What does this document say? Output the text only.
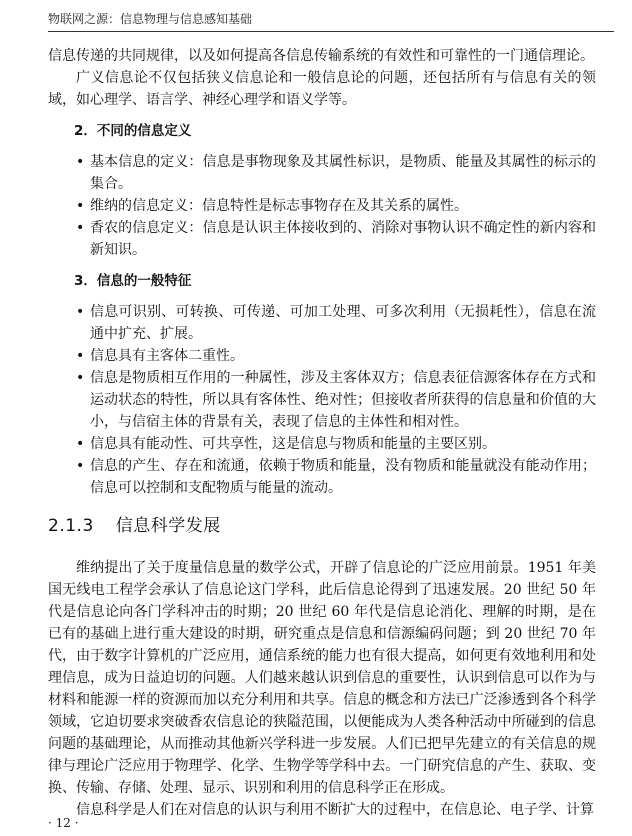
物联网之源：信息物理与信息感知基础

信息传递的共同规律，以及如何提高各信息传输系统的有效性和可靠性的一门通信理论。

广义信息论不仅包括狭义信息论和一般信息论的问题，还包括所有与信息有关的领域，如心理学、语言学、神经心理学和语义学等。

2．不同的信息定义

• 基本信息的定义：信息是事物现象及其属性标识，是物质、能量及其属性的标示的集合。
• 维纳的信息定义：信息特性是标志事物存在及其关系的属性。
• 香农的信息定义：信息是认识主体接收到的、消除对事物认识不确定性的新内容和新知识。

3．信息的一般特征

• 信息可识别、可转换、可传递、可加工处理、可多次利用（无损耗性），信息在流通中扩充、扩展。
• 信息具有主客体二重性。
• 信息是物质相互作用的一种属性，涉及主客体双方；信息表征信源客体存在方式和运动状态的特性，所以具有客体性、绝对性；但接收者所获得的信息量和价值的大小，与信宿主体的背景有关，表现了信息的主体性和相对性。
• 信息具有能动性、可共享性，这是信息与物质和能量的主要区别。
• 信息的产生、存在和流通，依赖于物质和能量，没有物质和能量就没有能动作用；信息可以控制和支配物质与能量的流动。

2.1.3 信息科学发展

维纳提出了关于度量信息量的数学公式，开辟了信息论的广泛应用前景。1951 年美国无线电工程学会承认了信息论这门学科，此后信息论得到了迅速发展。20 世纪 50 年代是信息论向各门学科冲击的时期；20 世纪 60 年代是信息论消化、理解的时期，是在已有的基础上进行重大建设的时期，研究重点是信息和信源编码问题；到 20 世纪 70 年代，由于数字计算机的广泛应用，通信系统的能力也有很大提高，如何更有效地利用和处理信息，成为日益迫切的问题。人们越来越认识到信息的重要性，认识到信息可以作为与材料和能源一样的资源而加以充分利用和共享。信息的概念和方法已广泛渗透到各个科学领域，它迫切要求突破香农信息论的狭隘范围，以便能成为人类各种活动中所碰到的信息问题的基础理论，从而推动其他新兴学科进一步发展。人们已把早先建立的有关信息的规律与理论广泛应用于物理学、化学、生物学等学科中去。一门研究信息的产生、获取、变换、传输、存储、处理、显示、识别和利用的信息科学正在形成。

信息科学是人们在对信息的认识与利用不断扩大的过程中，在信息论、电子学、计算

· 12 ·
